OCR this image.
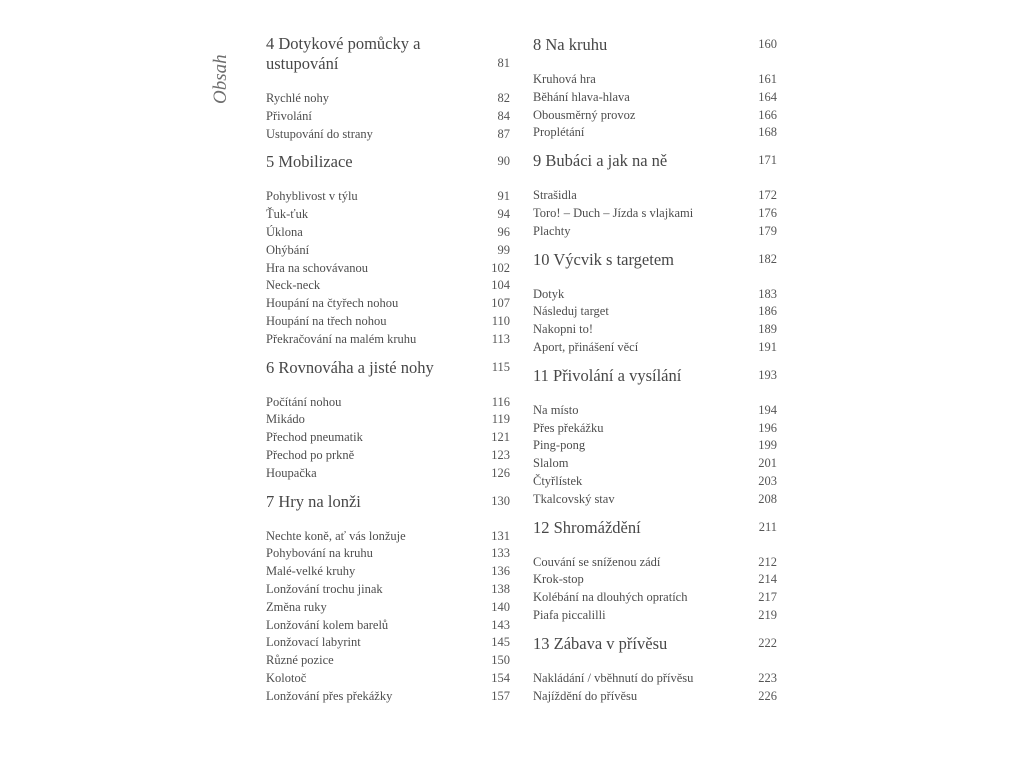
Obsah
4 Dotykové pomůcky a ustupování	81
Rychlé nohy	82
Přivolání	84
Ustupování do strany	87
5 Mobilizace	90
Pohyblivost v týlu	91
Ťuk-ťuk	94
Úklona	96
Ohýbání	99
Hra na schovávanou	102
Neck-neck	104
Houpání na čtyřech nohou	107
Houpání na třech nohou	110
Překračování na malém kruhu	113
6 Rovnováha a jisté nohy	115
Počítání nohou	116
Mikádo	119
Přechod pneumatik	121
Přechod po prkně	123
Houpačka	126
7 Hry na lonži	130
Nechte koně, ať vás lonžuje	131
Pohybování na kruhu	133
Malé-velké kruhy	136
Lonžování trochu jinak	138
Změna ruky	140
Lonžování kolem barelů	143
Lonžovací labyrint	145
Různé pozice	150
Kolotoč	154
Lonžování přes překážky	157
8 Na kruhu	160
Kruhová hra	161
Běhání hlava-hlava	164
Obousměrný provoz	166
Proplétání	168
9 Bubáci a jak na ně	171
Strašidla	172
Toro! – Duch – Jízda s vlajkami	176
Plachty	179
10 Výcvik s targetem	182
Dotyk	183
Následuj target	186
Nakopni to!	189
Aport, přinášení věcí	191
11 Přivolání a vysílání	193
Na místo	194
Přes překážku	196
Ping-pong	199
Slalom	201
Čtyřlístek	203
Tkalcovský stav	208
12 Shromáždění	211
Couvání se sníženou zádí	212
Krok-stop	214
Kolébání na dlouhých opratích	217
Piafa piccalilli	219
13 Zábava v přívěsu	222
Nakládání / vběhnutí do přívěsu	223
Najíždění do přívěsu	226
